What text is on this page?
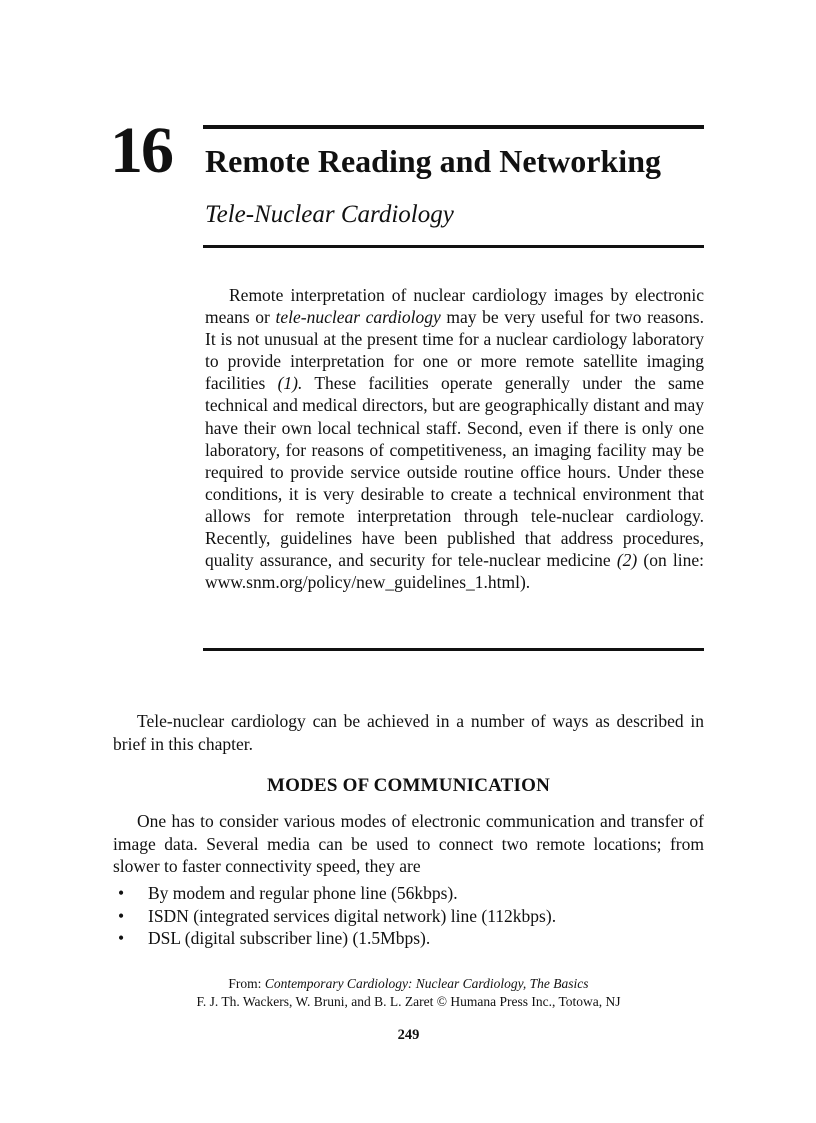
16 Remote Reading and Networking
Tele-Nuclear Cardiology

Remote interpretation of nuclear cardiology images by electronic means or tele-nuclear cardiology may be very useful for two reasons. It is not unusual at the present time for a nuclear cardiology laboratory to provide interpretation for one or more remote satellite imaging facilities (1). These facilities operate generally under the same technical and medical directors, but are geographically distant and may have their own local technical staff. Second, even if there is only one laboratory, for reasons of competitiveness, an imaging facility may be required to provide service outside routine office hours. Under these conditions, it is very desirable to create a technical environment that allows for remote interpretation through tele-nuclear cardiology. Recently, guidelines have been published that address procedures, quality assurance, and security for tele-nuclear medicine (2) (on line: www.snm.org/policy/new_guidelines_1.html).

Tele-nuclear cardiology can be achieved in a number of ways as described in brief in this chapter.

MODES OF COMMUNICATION

One has to consider various modes of electronic communication and transfer of image data. Several media can be used to connect two remote locations; from slower to faster connectivity speed, they are

• By modem and regular phone line (56kbps).
• ISDN (integrated services digital network) line (112kbps).
• DSL (digital subscriber line) (1.5Mbps).

From: Contemporary Cardiology: Nuclear Cardiology, The Basics

F. J. Th. Wackers, W. Bruni, and B. L. Zaret © Humana Press Inc., Totowa, NJ

249
